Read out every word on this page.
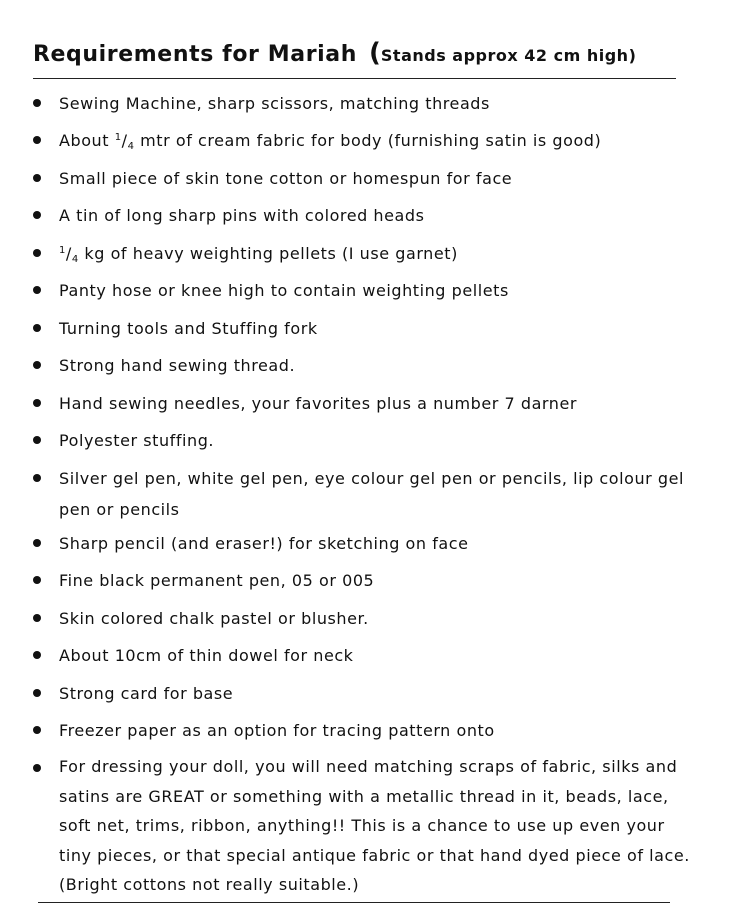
Requirements for Mariah (Stands approx 42 cm high)
Sewing Machine, sharp scissors, matching threads
About $^1$/4 mtr of cream fabric for body (furnishing satin is good)
Small piece of skin tone cotton or homespun for face
A tin of long sharp pins with colored heads
$^1$/4 kg of heavy weighting pellets (I use garnet)
Panty hose or knee high to contain weighting pellets
Turning tools and Stuffing fork
Strong hand sewing thread.
Hand sewing needles, your favorites plus a number 7 darner
Polyester stuffing.
Silver gel pen, white gel pen, eye colour gel pen or pencils, lip colour gel
pen or pencils
Sharp pencil (and eraser!) for sketching on face
Fine black permanent pen, 05 or 005
Skin colored chalk pastel or blusher.
About 10cm of thin dowel for neck
Strong card for base
Freezer paper as an option for tracing pattern onto
For dressing your doll, you will need matching scraps of fabric, silks and
satins are GREAT or something with a metallic thread in it, beads, lace,
soft net, trims, ribbon, anything!! This is a chance to use up even your
tiny pieces, or that special antique fabric or that hand dyed piece of lace.
(Bright cottons not really suitable.)
